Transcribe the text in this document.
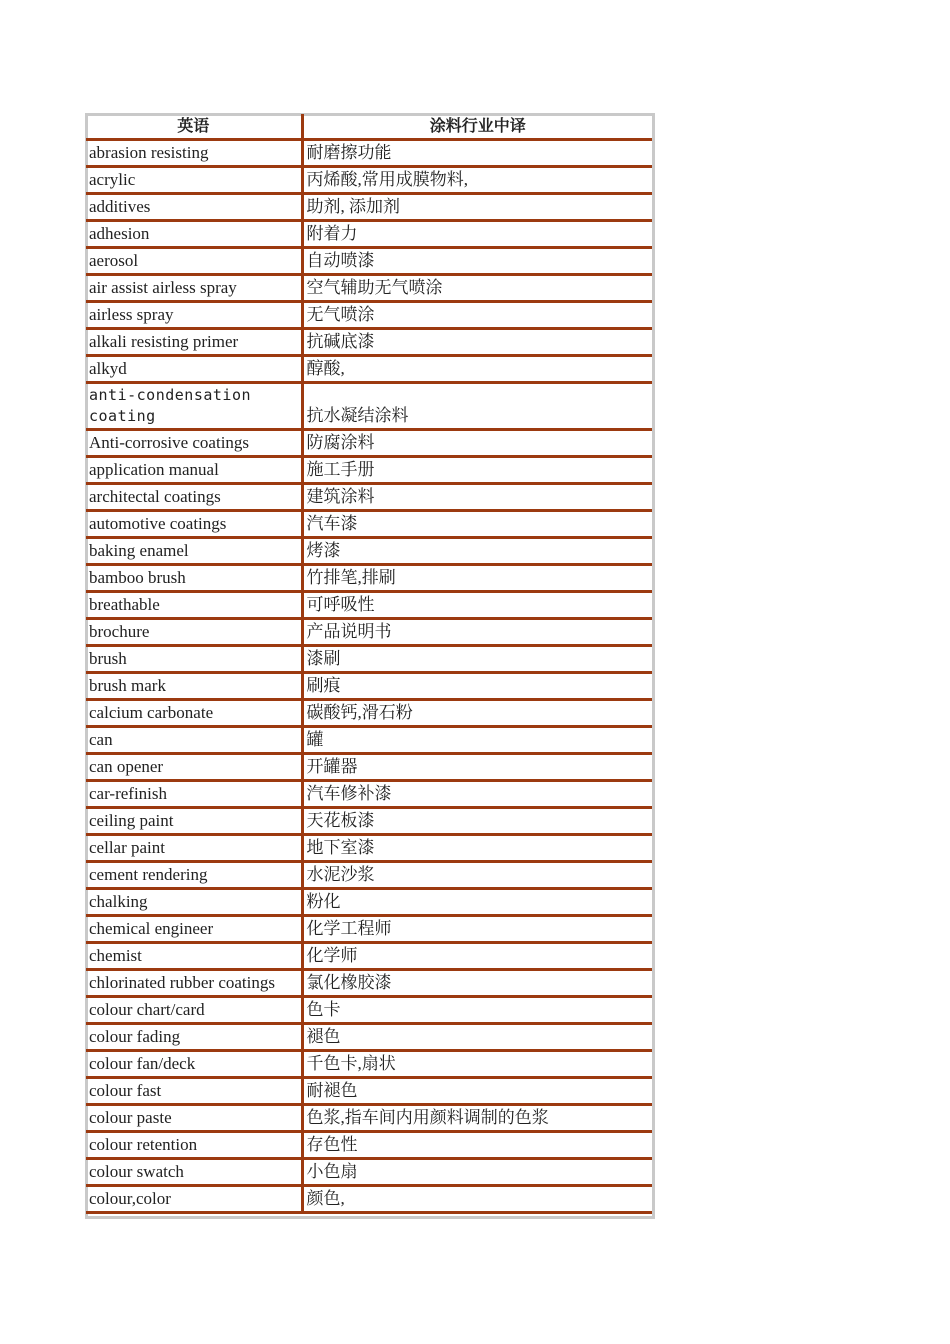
英语	涂料行业中译
abrasion resisting	耐磨擦功能
acrylic	丙烯酸,常用成膜物料,
additives	助剂, 添加剂
adhesion	附着力
aerosol	自动喷漆
air assist airless spray	空气辅助无气喷涂
airless spray	无气喷涂
alkali resisting primer	抗碱底漆
alkyd	醇酸,
anti-condensation coating	抗水凝结涂料
Anti-corrosive coatings	防腐涂料
application manual	施工手册
architectal coatings	建筑涂料
automotive coatings	汽车漆
baking enamel	烤漆
bamboo brush	竹排笔,排刷
breathable	可呼吸性
brochure	产品说明书
brush	漆刷
brush mark	刷痕
calcium carbonate	碳酸钙,滑石粉
can	罐
can opener	开罐器
car-refinish	汽车修补漆
ceiling paint	天花板漆
cellar paint	地下室漆
cement rendering	水泥沙浆
chalking	粉化
chemical engineer	化学工程师
chemist	化学师
chlorinated rubber coatings	氯化橡胶漆
colour chart/card	色卡
colour fading	褪色
colour fan/deck	千色卡,扇状
colour fast	耐褪色
colour paste	色浆,指车间内用颜料调制的色浆
colour retention	存色性
colour swatch	小色扇
colour,color	颜色,
